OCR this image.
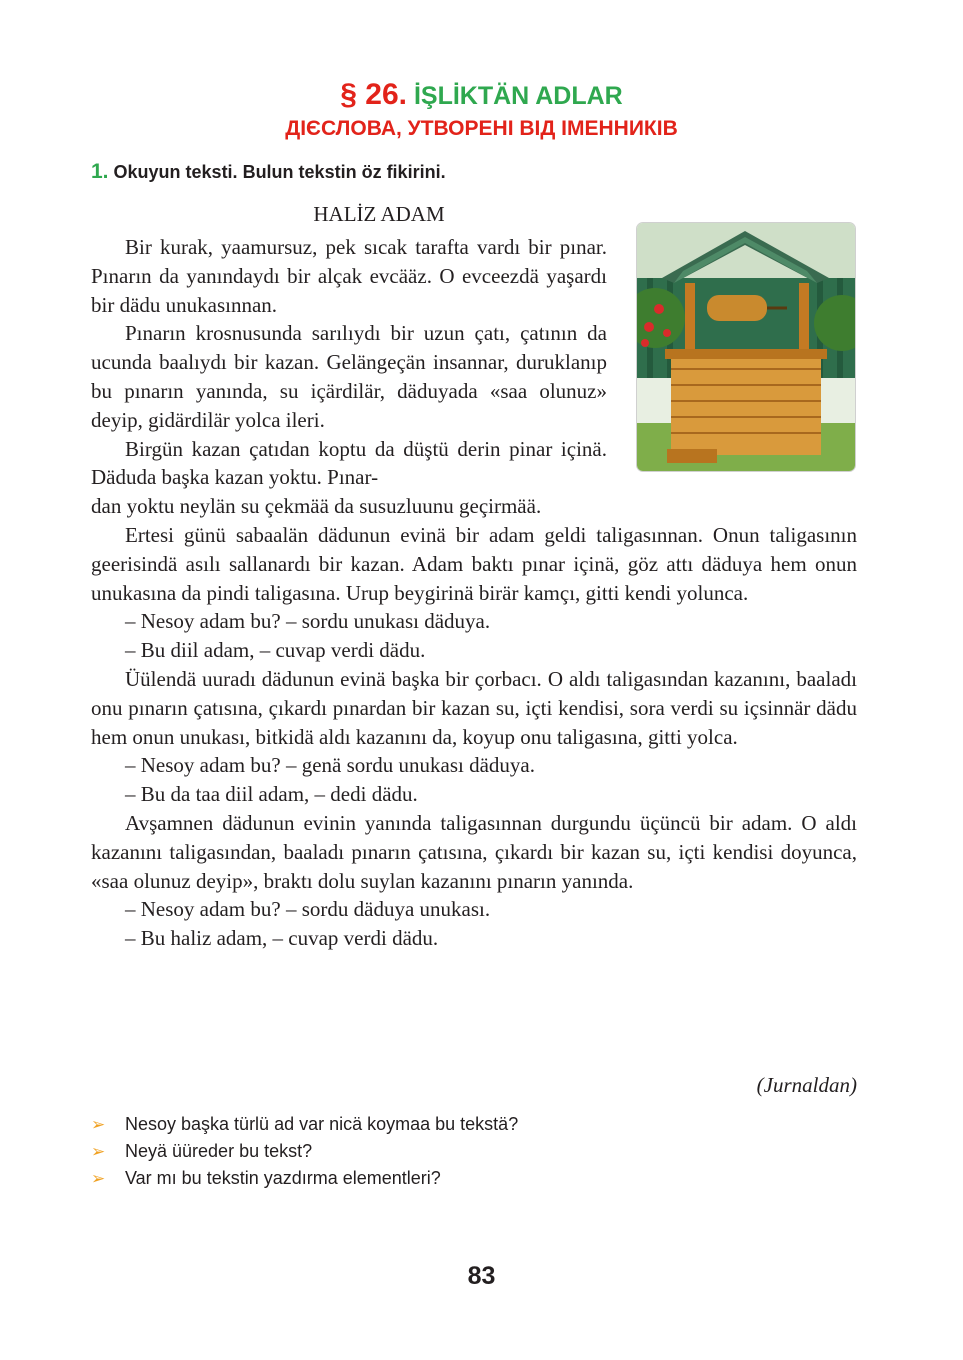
§ 26. İŞLİKTÄN ADLAR
ДІЄСЛОВА, УТВОРЕНІ ВІД ІМЕННИКІВ
1. Okuyun teksti. Bulun tekstin öz fikirini.
HALİZ ADAM

Bir kurak, yaamursuz, pek sıcak tarafta vardı bir pınar. Pınarın da yanındaydı bir alçak evcääz. O evceezdä yaşardı bir dädu unukasınnan.

Pınarın krosnusunda sarılıydı bir uzun çatı, çatının da ucunda baalıydı bir kazan. Gelängeçän insannar, duruklanıp bu pınarın yanında, su içärdilär, däduyada «saa olunuz» deyip, gidärdilär yolca ileri.

Birgün kazan çatıdan koptu da düştü derin pinar içinä. Däduda başka kazan yoktu. Pınar-

dan yoktu neylän su çekmää da susuzluunu geçirmää.

Ertesi günü sabaalän dädunun evinä bir adam geldi taligasınnan. Onun taligasının geerisindä asılı sallanardı bir kazan. Adam baktı pınar içinä, göz attı däduya hem onun unukasına da pindi taligasına. Urup beygirinä birär kamçı, gitti kendi yolunca.

– Nesoy adam bu? – sordu unukası däduya.

– Bu diil adam, – cuvap verdi dädu.

Üülendä uuradı dädunun evinä başka bir çorbacı. O aldı taligasından kazanını, baaladı onu pınarın çatısına, çıkardı pınardan bir kazan su, içti kendisi, sora verdi su içsinnär dädu hem onun unukası, bitkidä aldı kazanını da, koyup onu taligasına, gitti yolca.

– Nesoy adam bu? – genä sordu unukası däduya.

– Bu da taa diil adam, – dedi dädu.

Avşamnen dädunun evinin yanında taligasınnan durgundu üçüncü bir adam. O aldı kazanını taligasından, baaladı pınarın çatısına, çıkardı bir kazan su, içti kendisi doyunca, «saa olunuz deyip», braktı dolu suylan kazanını pınarın yanında.

– Nesoy adam bu? – sordu däduya unukası.

– Bu haliz adam, – cuvap verdi dädu.

(Jurnaldan)
➢	Nesoy başka türlü ad var nicä koymaa bu tekstä?
➢	Neyä üüreder bu tekst?
➢	Var mı bu tekstin yazdırma elementleri?
83
